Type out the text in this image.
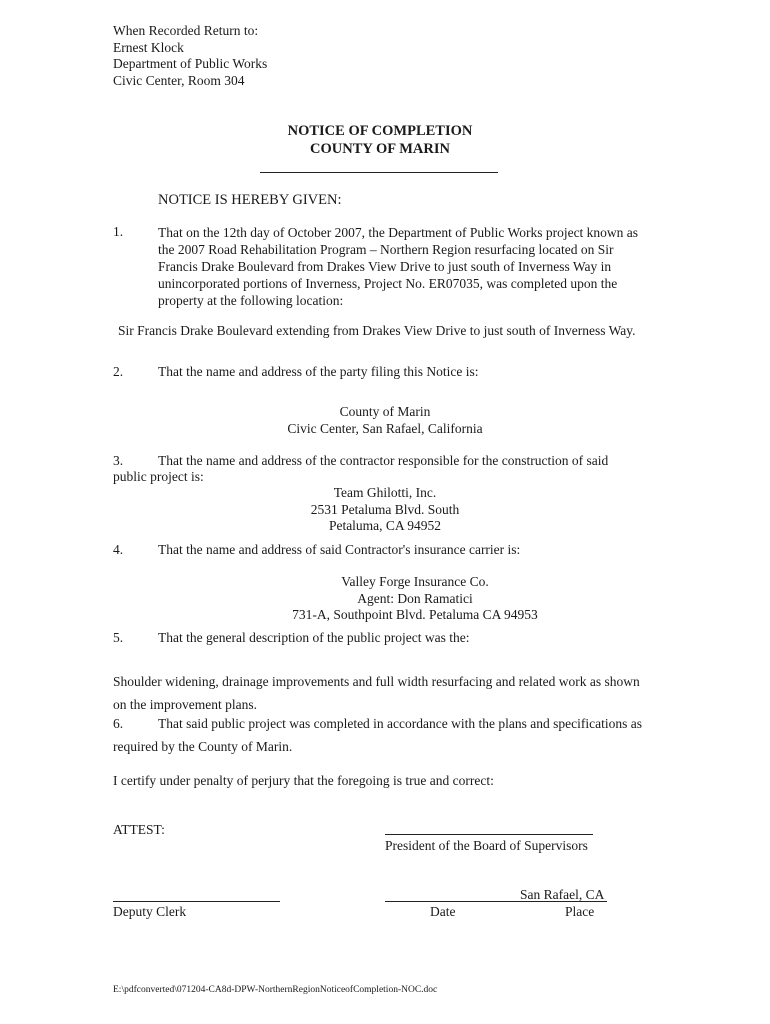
When Recorded Return to:
Ernest Klock
Department of Public Works
Civic Center, Room 304
NOTICE OF COMPLETION
COUNTY OF MARIN
NOTICE IS HEREBY GIVEN:
1.	That on the 12th day of October 2007, the Department of Public Works project known as
the 2007 Road Rehabilitation Program – Northern Region resurfacing located on Sir
Francis Drake Boulevard from Drakes View Drive to just south of Inverness Way in
unincorporated portions of Inverness, Project No. ER07035, was completed upon the
property at the following location:
Sir Francis Drake Boulevard extending from Drakes View Drive to just south of Inverness Way.
2.	That the name and address of the party filing this Notice is:
County of Marin
Civic Center, San Rafael, California
3.	That the name and address of the contractor responsible for the construction of said
public project is:
Team Ghilotti, Inc.
2531 Petaluma Blvd. South
Petaluma, CA 94952
4.	That the name and address of said Contractor's insurance carrier is:
Valley Forge Insurance Co.
Agent: Don Ramatici
731-A, Southpoint Blvd. Petaluma CA 94953
5.	That the general description of the public project was the:
Shoulder widening, drainage improvements and full width resurfacing and related work as shown
on the improvement plans.
6.	That said public project was completed in accordance with the plans and specifications as
required by the County of Marin.
I certify under penalty of perjury that the foregoing is true and correct:
ATTEST:
President of the Board of Supervisors
Deputy Clerk
San Rafael, CA
Date	Place
E:\pdfconverted\071204-CA8d-DPW-NorthernRegionNoticeofCompletion-NOC.doc
